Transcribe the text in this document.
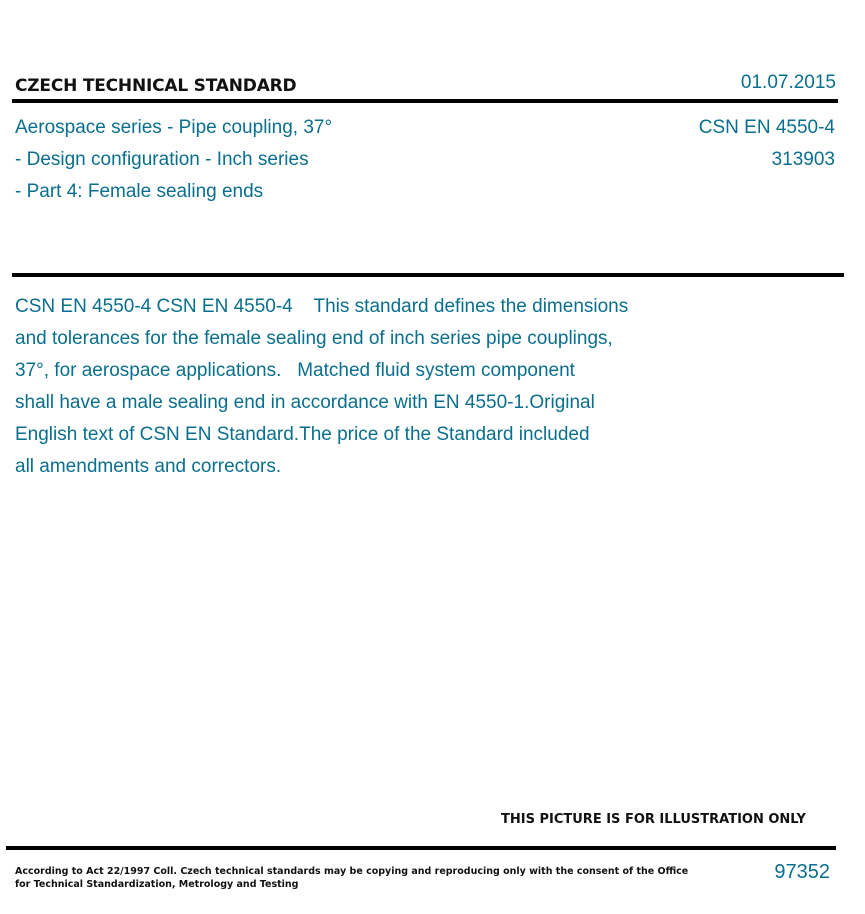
CZECH TECHNICAL STANDARD	01.07.2015
Aerospace series - Pipe coupling, 37°
- Design configuration - Inch series
- Part 4: Female sealing ends
CSN EN 4550-4
313903

CSN EN 4550-4 CSN EN 4550-4    This standard defines the dimensions
and tolerances for the female sealing end of inch series pipe couplings,
37°, for aerospace applications.   Matched fluid system component
shall have a male sealing end in accordance with EN 4550-1.Original
English text of CSN EN Standard.The price of the Standard included
all amendments and correctors.

THIS PICTURE IS FOR ILLUSTRATION ONLY
According to Act 22/1997 Coll. Czech technical standards may be copying and reproducing only with the consent of the Office
for Technical Standardization, Metrology and Testing
97352
